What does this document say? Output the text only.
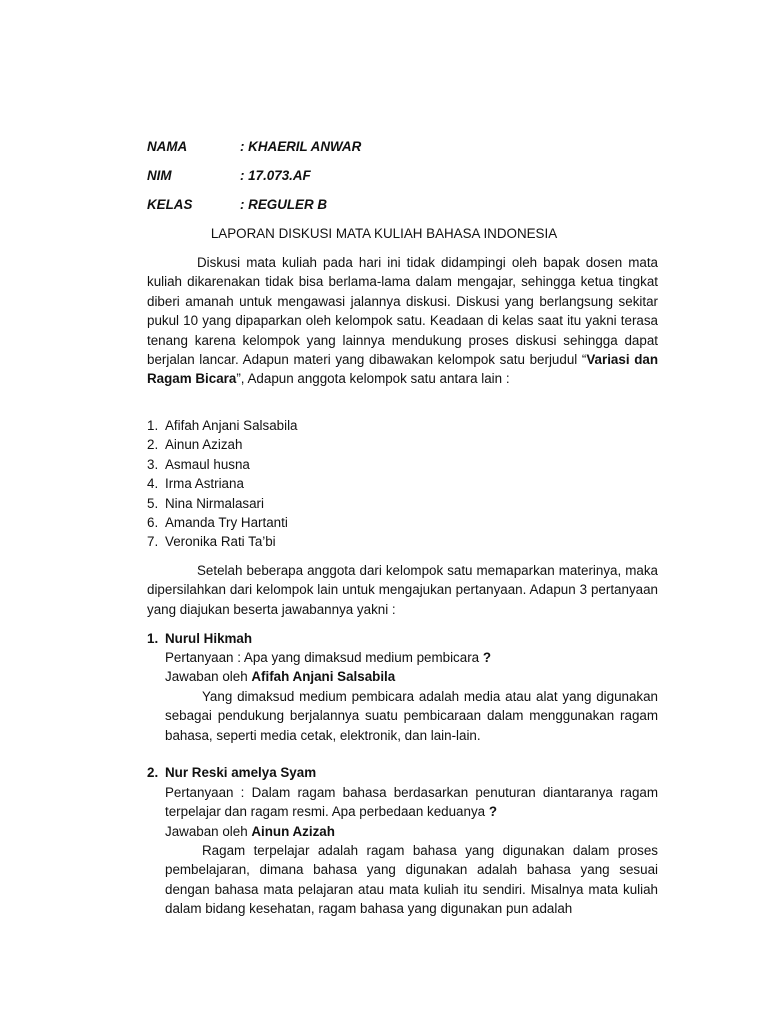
NAMA	: KHAERIL ANWAR
NIM	: 17.073.AF
KELAS	: REGULER B
LAPORAN DISKUSI MATA KULIAH BAHASA INDONESIA

Diskusi mata kuliah pada hari ini tidak didampingi oleh bapak dosen mata kuliah dikarenakan tidak bisa berlama-lama dalam mengajar, sehingga ketua tingkat diberi amanah untuk mengawasi jalannya diskusi. Diskusi yang berlangsung sekitar pukul 10 yang dipaparkan oleh kelompok satu. Keadaan di kelas saat itu yakni terasa tenang karena kelompok yang lainnya mendukung proses diskusi sehingga dapat berjalan lancar. Adapun materi yang dibawakan kelompok satu berjudul “Variasi dan Ragam Bicara”, Adapun anggota kelompok satu antara lain :

1. Afifah Anjani Salsabila
2. Ainun Azizah
3. Asmaul husna
4. Irma Astriana
5. Nina Nirmalasari
6. Amanda Try Hartanti
7. Veronika Rati Ta’bi

Setelah beberapa anggota dari kelompok satu memaparkan materinya, maka dipersilahkan dari kelompok lain untuk mengajukan pertanyaan. Adapun 3 pertanyaan yang diajukan beserta jawabannya yakni :

1. Nurul Hikmah

Pertanyaan : Apa yang dimaksud medium pembicara ?

Jawaban oleh Afifah Anjani Salsabila

Yang dimaksud medium pembicara adalah media atau alat yang digunakan sebagai pendukung berjalannya suatu pembicaraan dalam menggunakan ragam bahasa, seperti media cetak, elektronik, dan lain-lain.

2. Nur Reski amelya Syam

Pertanyaan : Dalam ragam bahasa berdasarkan penuturan diantaranya ragam terpelajar dan ragam resmi. Apa perbedaan keduanya ?

Jawaban oleh Ainun Azizah

Ragam terpelajar adalah ragam bahasa yang digunakan dalam proses pembelajaran, dimana bahasa yang digunakan adalah bahasa yang sesuai dengan bahasa mata pelajaran atau mata kuliah itu sendiri. Misalnya mata kuliah dalam bidang kesehatan, ragam bahasa yang digunakan pun adalah
